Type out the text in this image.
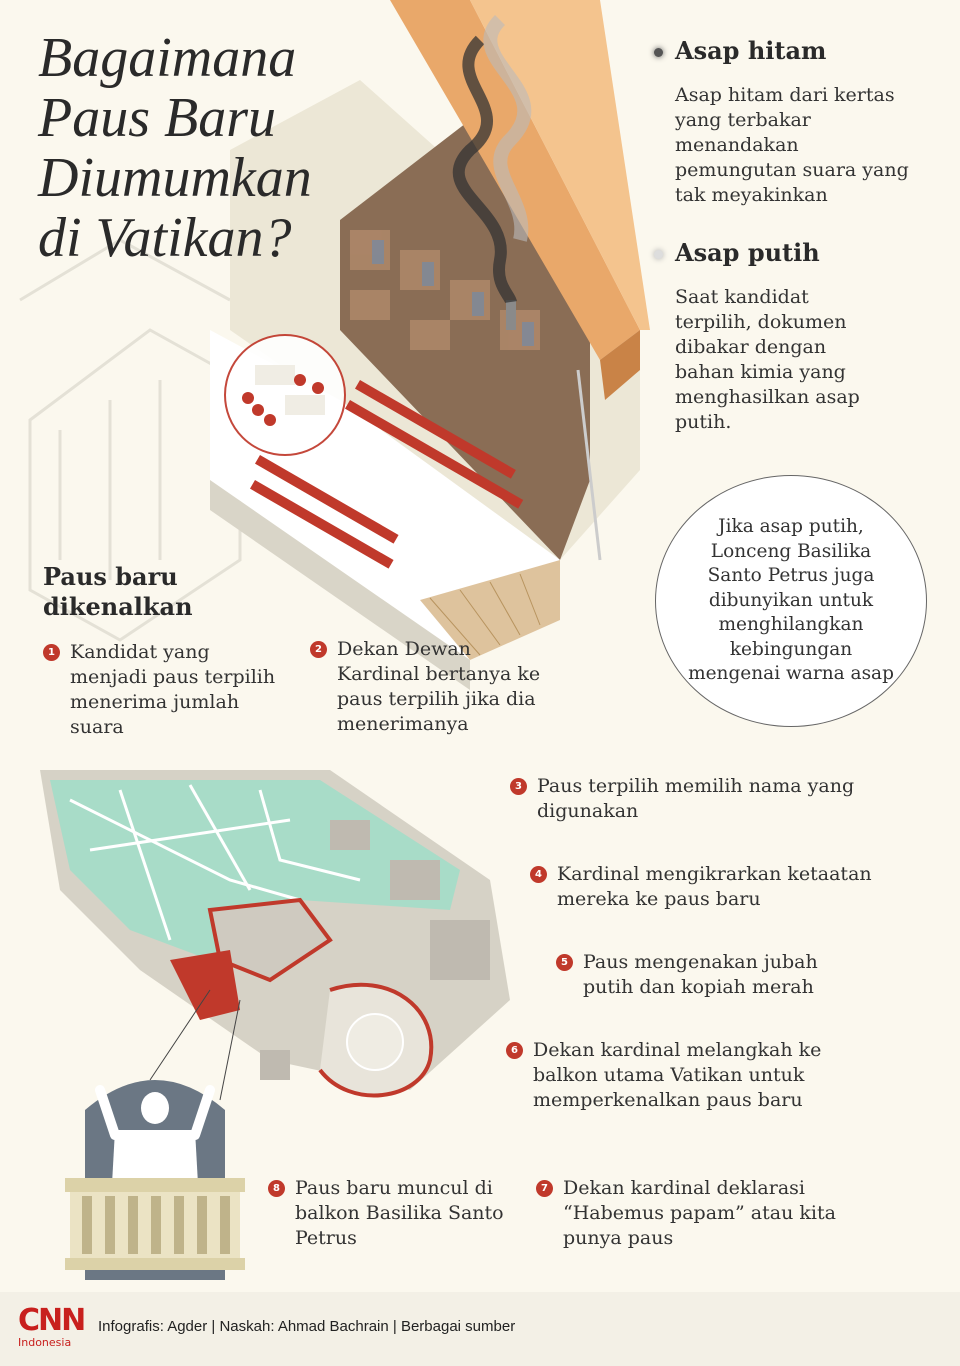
Bagaimana
Paus Baru
Diumumkan
di Vatikan?
Asap hitam
Asap hitam dari kertas yang terbakar menandakan pemungutan suara yang tak meyakinkan
Asap putih
Saat kandidat terpilih, dokumen dibakar dengan bahan kimia yang menghasilkan asap putih.

Jika asap putih, Lonceng Basilika Santo Petrus juga dibunyikan untuk menghilangkan kebingungan mengenai warna asap

Paus baru dikenalkan
1 Kandidat yang menjadi paus terpilih menerima jumlah suara
2 Dekan Dewan Kardinal bertanya ke paus terpilih jika dia menerimanya
3 Paus terpilih memilih nama yang digunakan
4 Kardinal mengikrarkan ketaatan mereka ke paus baru
5 Paus mengenakan jubah putih dan kopiah merah
6 Dekan kardinal melangkah ke balkon utama Vatikan untuk memperkenalkan paus baru
7 Dekan kardinal deklarasi “Habemus papam” atau kita punya paus
8 Paus baru muncul di balkon Basilika Santo Petrus
CNN
Indonesia
Infografis: Agder | Naskah: Ahmad Bachrain | Berbagai sumber
